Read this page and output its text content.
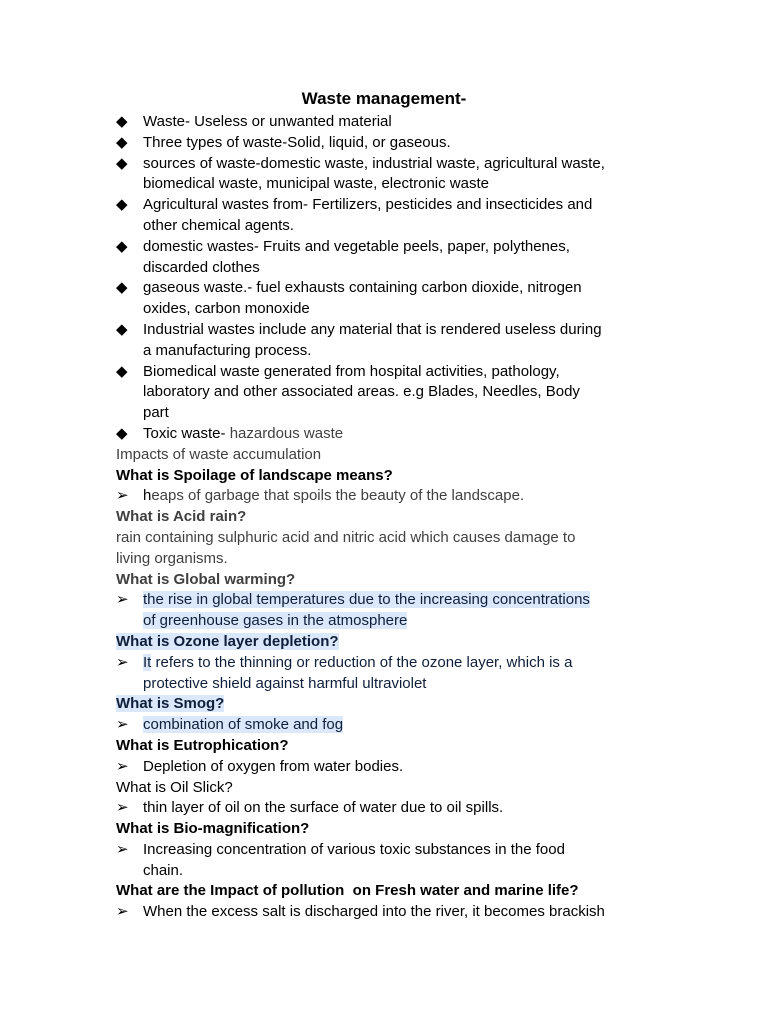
Waste management-
◆	Waste- Useless or unwanted material
◆	Three types of waste-Solid, liquid, or gaseous.
◆	sources of waste-domestic waste, industrial waste, agricultural waste,
biomedical waste, municipal waste, electronic waste
◆	Agricultural wastes from- Fertilizers, pesticides and insecticides and
other chemical agents.
◆	domestic wastes- Fruits and vegetable peels, paper, polythenes,
discarded clothes
◆	gaseous waste.- fuel exhausts containing carbon dioxide, nitrogen
oxides, carbon monoxide
◆	Industrial wastes include any material that is rendered useless during
a manufacturing process.
◆	Biomedical waste generated from hospital activities, pathology,
laboratory and other associated areas. e.g Blades, Needles, Body
part
◆	Toxic waste- hazardous waste
Impacts of waste accumulation
What is Spoilage of landscape means?
➢ heaps of garbage that spoils the beauty of the landscape.
What is Acid rain?
rain containing sulphuric acid and nitric acid which causes damage to
living organisms.
What is Global warming?
➢ the rise in global temperatures due to the increasing concentrations
of greenhouse gases in the atmosphere
What is Ozone layer depletion?
➢ It refers to the thinning or reduction of the ozone layer, which is a
protective shield against harmful ultraviolet
What is Smog?
➢ combination of smoke and fog
What is Eutrophication?
➢ Depletion of oxygen from water bodies.
What is Oil Slick?
➢ thin layer of oil on the surface of water due to oil spills.
What is Bio-magnification?
➢ Increasing concentration of various toxic substances in the food
chain.
What are the Impact of pollution  on Fresh water and marine life?
➢ When the excess salt is discharged into the river, it becomes brackish
